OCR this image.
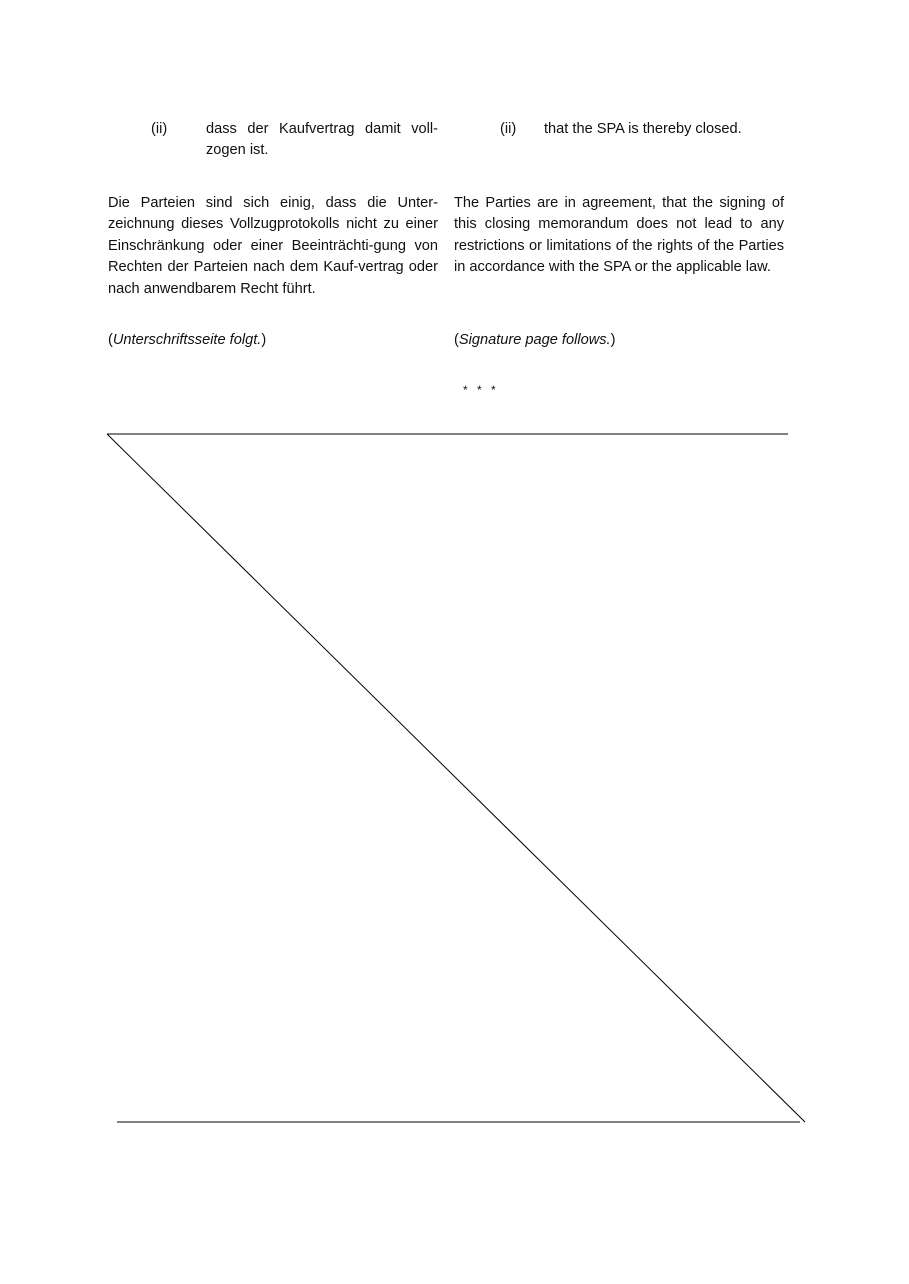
(ii)	dass der Kaufvertrag damit voll-zogen ist.
(ii) that the SPA is thereby closed.
Die Parteien sind sich einig, dass die Unter-zeichnung dieses Vollzugprotokolls nicht zu einer Einschränkung oder einer Beeinträchti-gung von Rechten der Parteien nach dem Kauf-vertrag oder nach anwendbarem Recht führt.
The Parties are in agreement, that the signing of this closing memorandum does not lead to any restrictions or limitations of the rights of the Parties in accordance with the SPA or the applicable law.
(Unterschriftsseite folgt.)	(Signature page follows.)
* * *
